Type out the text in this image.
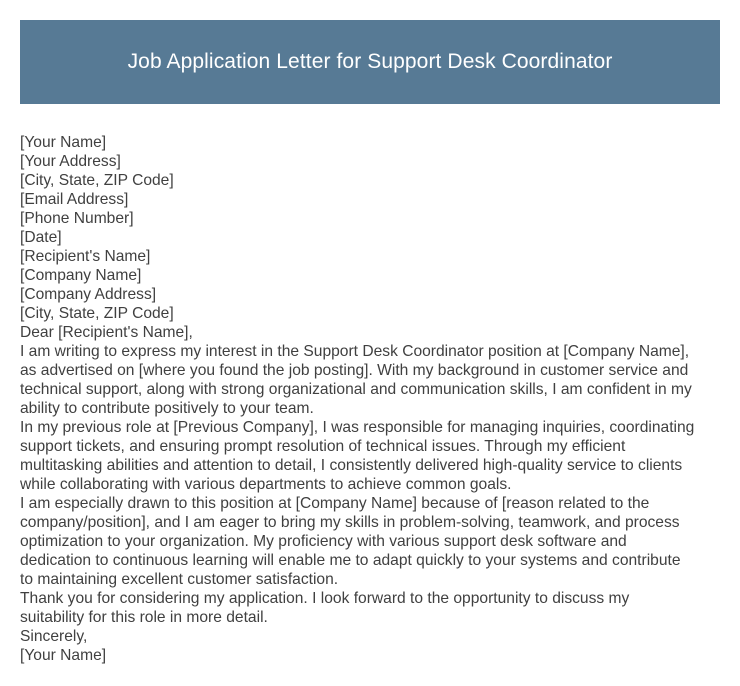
Job Application Letter for Support Desk Coordinator
[Your Name]
[Your Address]
[City, State, ZIP Code]
[Email Address]
[Phone Number]
[Date]
[Recipient's Name]
[Company Name]
[Company Address]
[City, State, ZIP Code]
Dear [Recipient's Name],
I am writing to express my interest in the Support Desk Coordinator position at [Company Name],
as advertised on [where you found the job posting]. With my background in customer service and
technical support, along with strong organizational and communication skills, I am confident in my
ability to contribute positively to your team.
In my previous role at [Previous Company], I was responsible for managing inquiries, coordinating
support tickets, and ensuring prompt resolution of technical issues. Through my efficient
multitasking abilities and attention to detail, I consistently delivered high-quality service to clients
while collaborating with various departments to achieve common goals.
I am especially drawn to this position at [Company Name] because of [reason related to the
company/position], and I am eager to bring my skills in problem-solving, teamwork, and process
optimization to your organization. My proficiency with various support desk software and
dedication to continuous learning will enable me to adapt quickly to your systems and contribute
to maintaining excellent customer satisfaction.
Thank you for considering my application. I look forward to the opportunity to discuss my
suitability for this role in more detail.
Sincerely,
[Your Name]
